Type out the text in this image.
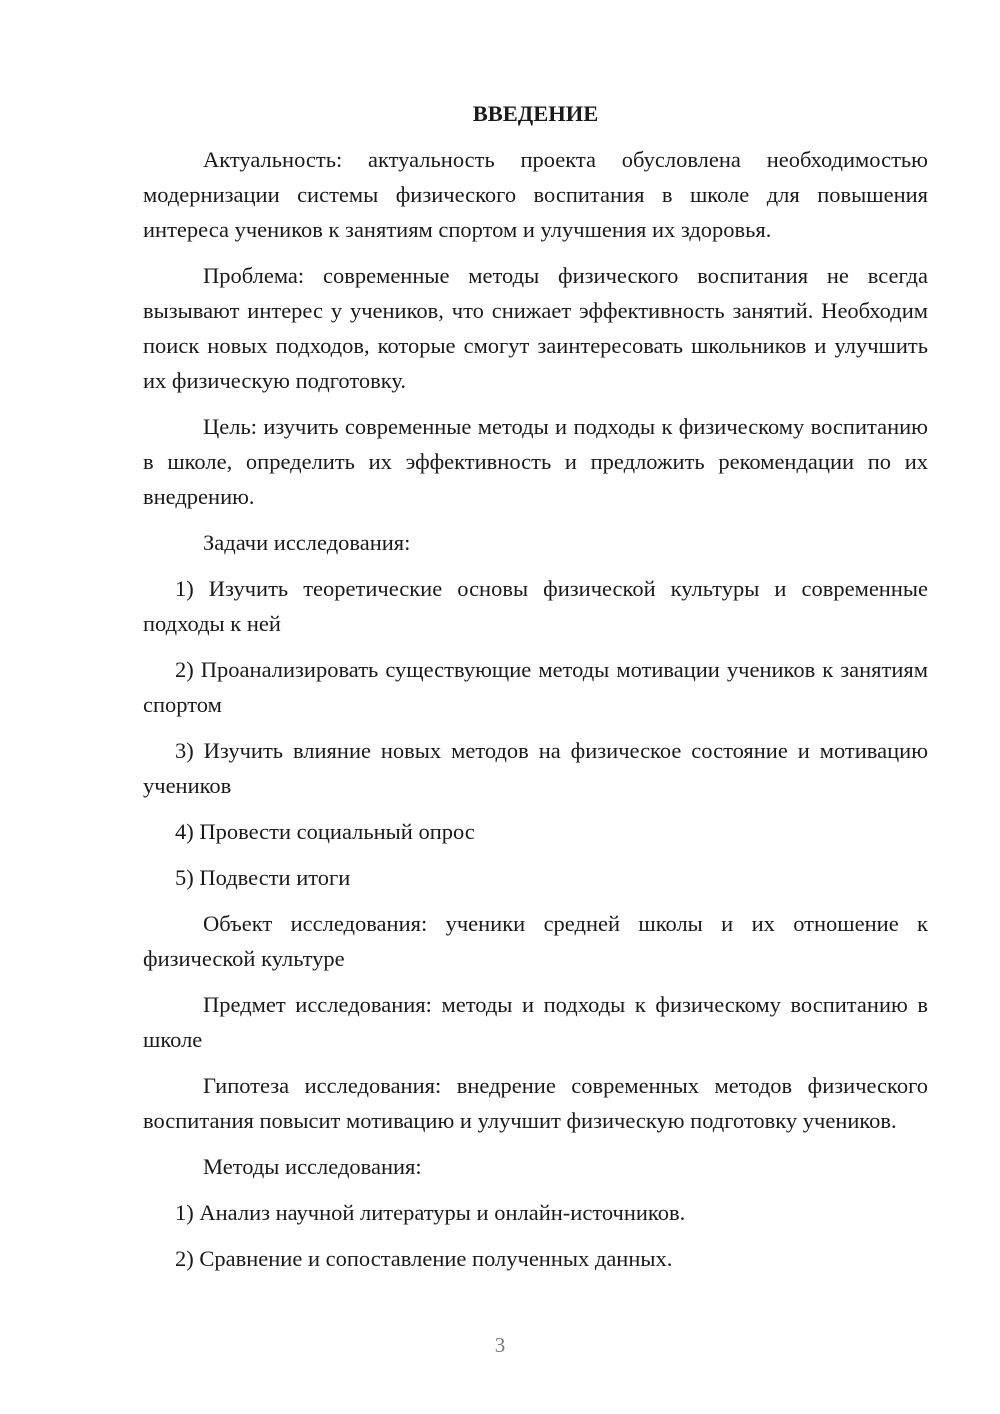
ВВЕДЕНИЕ

Актуальность: актуальность проекта обусловлена необходимостью модернизации системы физического воспитания в школе для повышения интереса учеников к занятиям спортом и улучшения их здоровья.

Проблема: современные методы физического воспитания не всегда вызывают интерес у учеников, что снижает эффективность занятий. Необходим поиск новых подходов, которые смогут заинтересовать школьников и улучшить их физическую подготовку.

Цель: изучить современные методы и подходы к физическому воспитанию в школе, определить их эффективность и предложить рекомендации по их внедрению.

Задачи исследования:

1) Изучить теоретические основы физической культуры и современные подходы к ней

2) Проанализировать существующие методы мотивации учеников к занятиям спортом

3) Изучить влияние новых методов на физическое состояние и мотивацию учеников

4) Провести социальный опрос

5) Подвести итоги

Объект исследования: ученики средней школы и их отношение к физической культуре

Предмет исследования: методы и подходы к физическому воспитанию в школе

Гипотеза исследования: внедрение современных методов физического воспитания повысит мотивацию и улучшит физическую подготовку учеников.

Методы исследования:

1) Анализ научной литературы и онлайн-источников.

2) Сравнение и сопоставление полученных данных.

3
